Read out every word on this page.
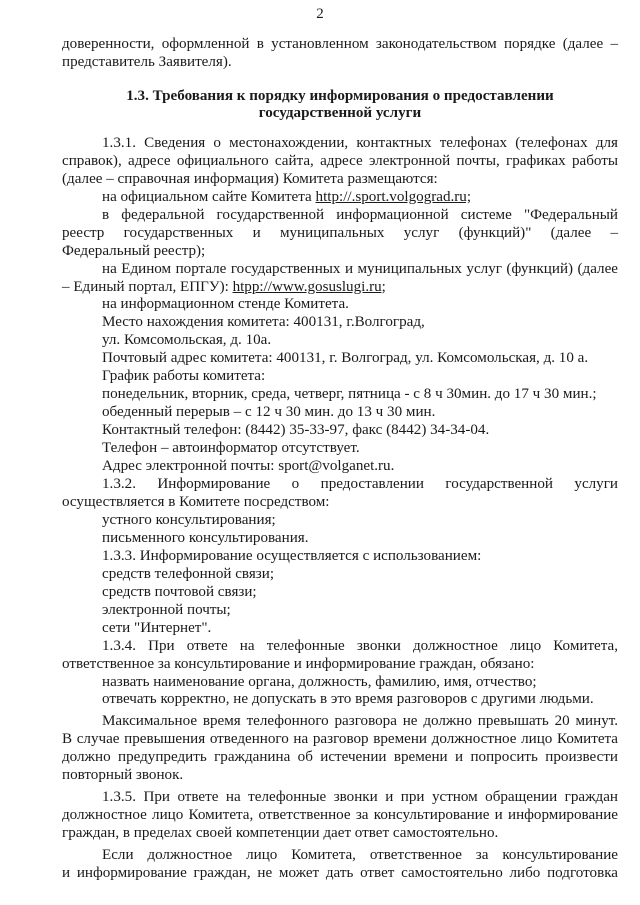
2
доверенности, оформленной в установленном законодательством порядке (далее –
представитель Заявителя).
1.3. Требования к порядку информирования о предоставлении
государственной услуги
1.3.1. Сведения о местонахождении, контактных телефонах (телефонах для
справок), адресе официального сайта, адресе электронной почты, графиках работы
(далее – справочная информация) Комитета размещаются:
на официальном сайте Комитета http://.sport.volgograd.ru;
в федеральной государственной информационной системе "Федеральный
реестр государственных и муниципальных услуг (функций)" (далее –
Федеральный реестр);
на Едином портале государственных и муниципальных услуг (функций) (далее
– Единый портал, ЕПГУ): htpp://www.gosuslugi.ru;
на информационном стенде Комитета.
Место нахождения комитета: 400131, г.Волгоград,
ул. Комсомольская, д. 10а.
Почтовый адрес комитета: 400131, г. Волгоград, ул. Комсомольская, д. 10 а.
График работы комитета:
понедельник, вторник, среда, четверг, пятница - с 8 ч 30мин. до 17 ч 30 мин.;
обеденный перерыв – с 12 ч 30 мин. до 13 ч 30 мин.
Контактный телефон: (8442) 35-33-97, факс (8442) 34-34-04.
Телефон – автоинформатор отсутствует.
Адрес электронной почты: sport@volganet.ru.
1.3.2. Информирование о предоставлении государственной услуги
осуществляется в Комитете посредством:
устного консультирования;
письменного консультирования.
1.3.3. Информирование осуществляется с использованием:
средств телефонной связи;
средств почтовой связи;
электронной почты;
сети "Интернет".
1.3.4. При ответе на телефонные звонки должностное лицо Комитета,
ответственное за консультирование и информирование граждан, обязано:
назвать наименование органа, должность, фамилию, имя, отчество;
отвечать корректно, не допускать в это время разговоров с другими людьми.
Максимальное время телефонного разговора не должно превышать 20 минут.
В случае превышения отведенного на разговор времени должностное лицо Комитета
должно предупредить гражданина об истечении времени и попросить произвести
повторный звонок.
1.3.5. При ответе на телефонные звонки и при устном обращении граждан
должностное лицо Комитета, ответственное за консультирование и информирование
граждан, в пределах своей компетенции дает ответ самостоятельно.
Если должностное лицо Комитета, ответственное за консультирование
и информирование граждан, не может дать ответ самостоятельно либо подготовка
